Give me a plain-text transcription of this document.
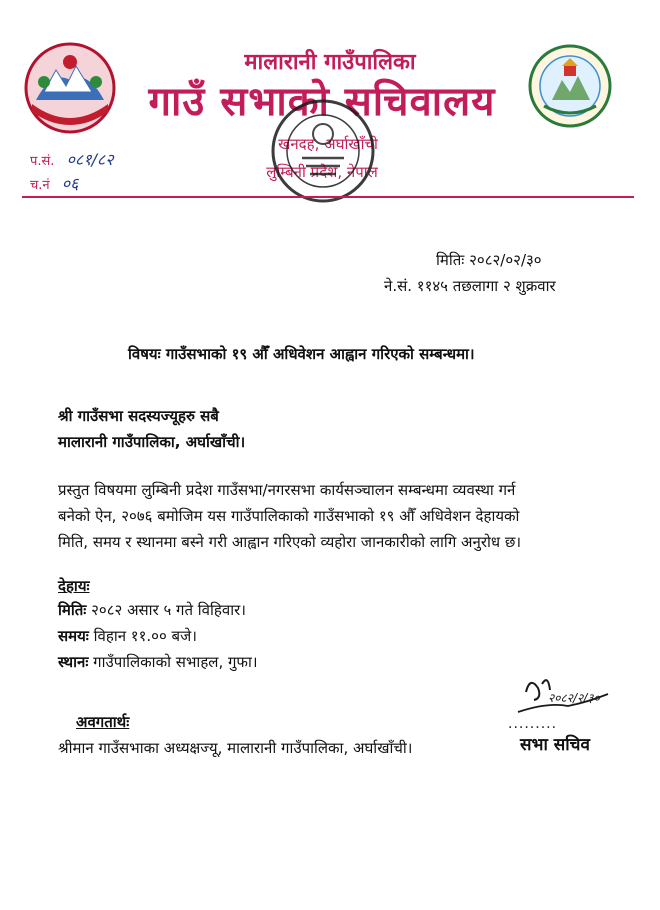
मालारानी गाउँपालिका
गाउँ सभाको सचिवालय
खनदह, अर्घाखाँची
लुम्बिनी प्रदेश, नेपाल
प.सं. ०८१/८२
च.नं ०६
मितिः २०८२/०२/३०
ने.सं. ११४५ तछलागा २ शुक्रवार
विषयः गाउँसभाको १९ औँ अधिवेशन आह्वान गरिएको सम्बन्धमा।
श्री गाउँसभा सदस्यज्यूहरु सबै
मालारानी गाउँपालिका, अर्घाखाँची।
प्रस्तुत विषयमा लुम्बिनी प्रदेश गाउँसभा/नगरसभा कार्यसञ्चालन सम्बन्धमा व्यवस्था गर्न
बनेको ऐन, २०७६ बमोजिम यस गाउँपालिकाको गाउँसभाको १९ औँ अधिवेशन देहायको
मिति, समय र स्थानमा बस्ने गरी आह्वान गरिएको व्यहोरा जानकारीको लागि अनुरोध छ।
देहायः
मितिः २०८२ असार ५ गते विहिवार।
समयः विहान ११.०० बजे।
स्थानः गाउँपालिकाको सभाहल, गुफा।
अवगतार्थः
श्रीमान गाउँसभाका अध्यक्षज्यू, मालारानी गाउँपालिका, अर्घाखाँची।
२०८२/२/३०
.........
सभा सचिव
